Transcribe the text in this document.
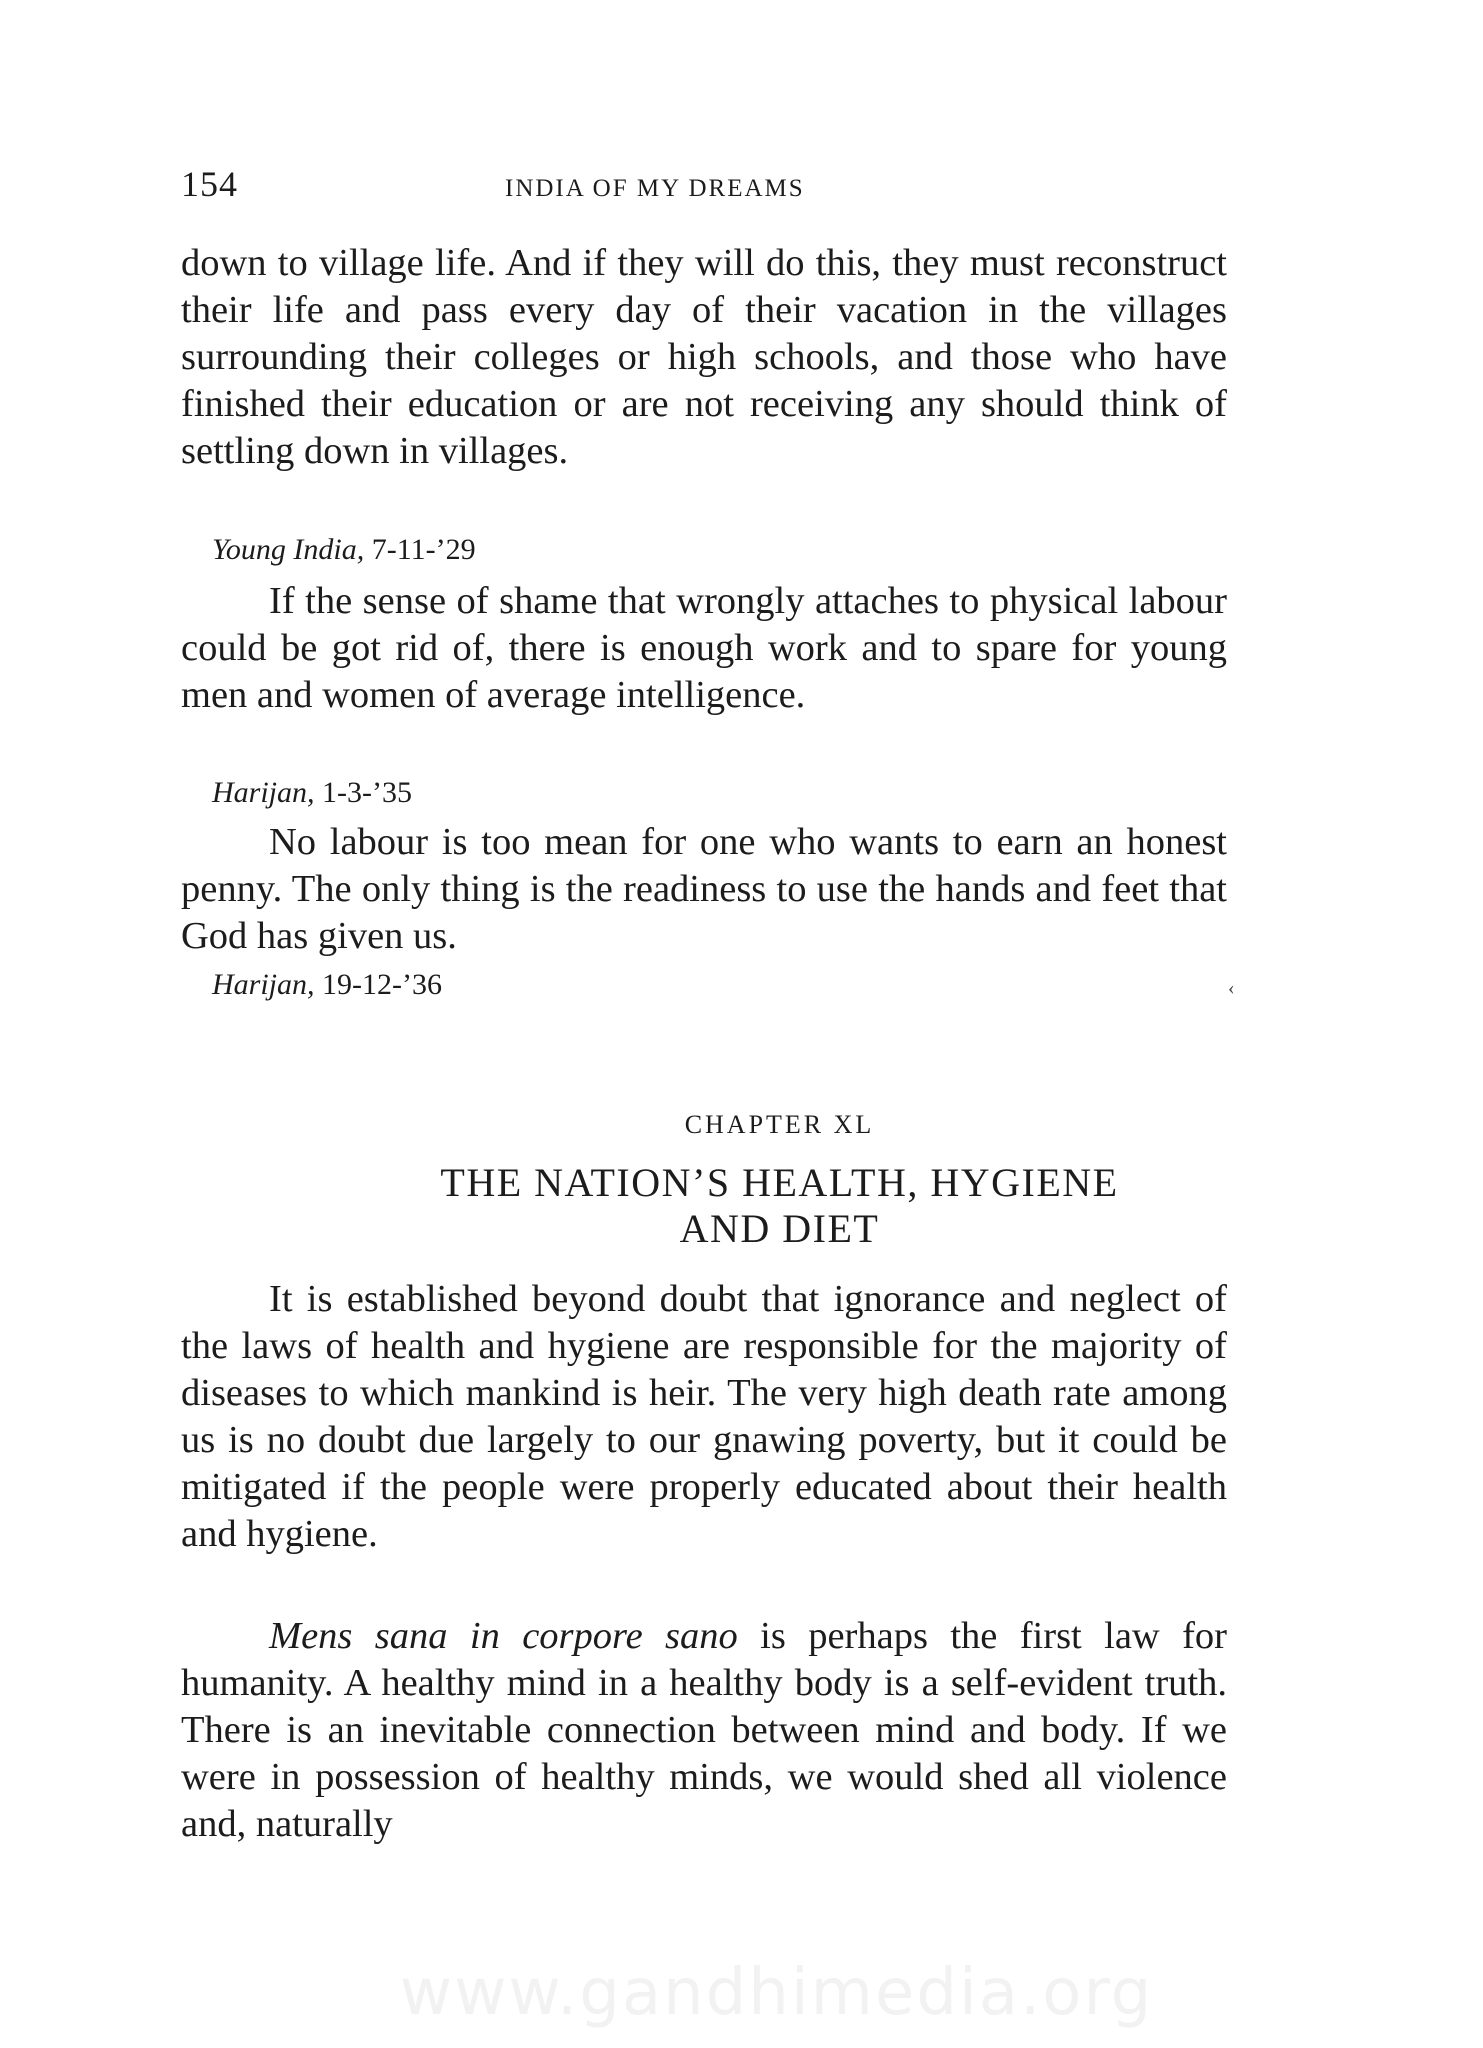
154	INDIA OF MY DREAMS

down to village life. And if they will do this, they must reconstruct their life and pass every day of their vacation in the villages surrounding their colleges or high schools, and those who have finished their education or are not receiving any should think of settling down in villages.

Young India, 7-11-’29

If the sense of shame that wrongly attaches to physical labour could be got rid of, there is enough work and to spare for young men and women of average intelligence.

Harijan, 1-3-’35

No labour is too mean for one who wants to earn an honest penny. The only thing is the readiness to use the hands and feet that God has given us.

Harijan, 19-12-’36	‹
CHAPTER XL
THE NATION’S HEALTH, HYGIENE
AND DIET

It is established beyond doubt that ignorance and neglect of the laws of health and hygiene are responsible for the majority of diseases to which mankind is heir. The very high death rate among us is no doubt due largely to our gnawing poverty, but it could be mitigated if the people were properly educated about their health and hygiene.

Mens sana in corpore sano is perhaps the first law for humanity. A healthy mind in a healthy body is a self-evident truth. There is an inevitable connection between mind and body. If we were in possession of healthy minds, we would shed all violence and, naturally

www.gandhimedia.org
